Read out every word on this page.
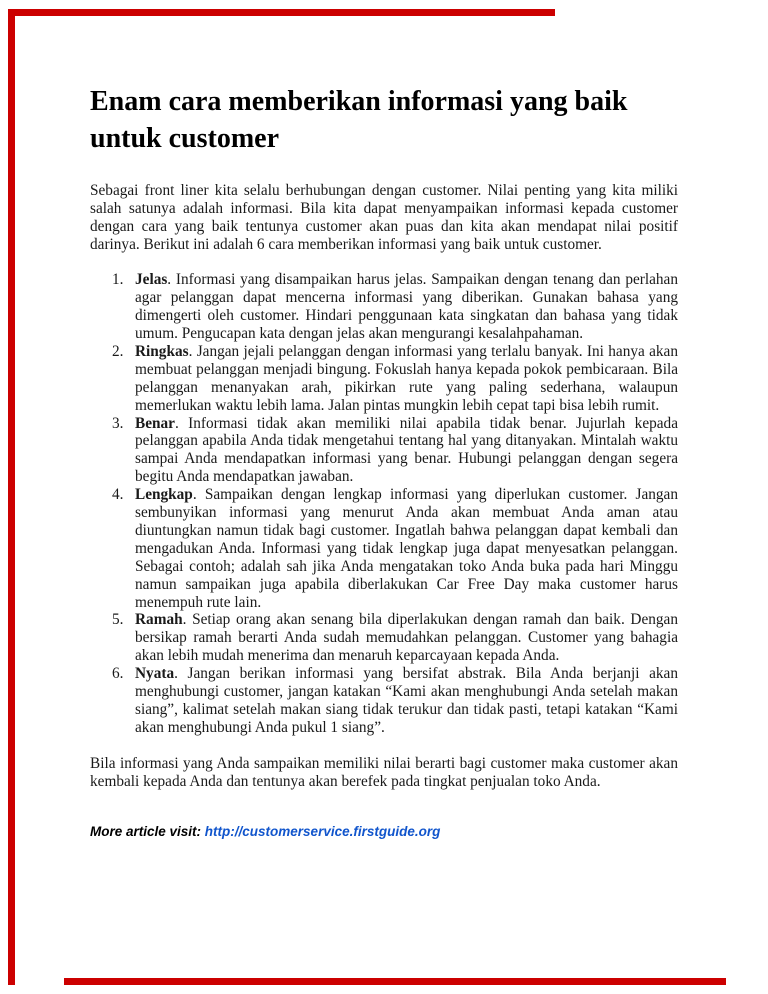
Enam cara memberikan informasi yang baik untuk customer

Sebagai front liner kita selalu berhubungan dengan customer. Nilai penting yang kita miliki salah satunya adalah informasi. Bila kita dapat menyampaikan informasi kepada customer dengan cara yang baik tentunya customer akan puas dan kita akan mendapat nilai positif darinya. Berikut ini adalah 6 cara memberikan informasi yang baik untuk customer.

1. Jelas. Informasi yang disampaikan harus jelas. Sampaikan dengan tenang dan perlahan agar pelanggan dapat mencerna informasi yang diberikan. Gunakan bahasa yang dimengerti oleh customer. Hindari penggunaan kata singkatan dan bahasa yang tidak umum. Pengucapan kata dengan jelas akan mengurangi kesalahpahaman.
2. Ringkas. Jangan jejali pelanggan dengan informasi yang terlalu banyak. Ini hanya akan membuat pelanggan menjadi bingung. Fokuslah hanya kepada pokok pembicaraan. Bila pelanggan menanyakan arah, pikirkan rute yang paling sederhana, walaupun memerlukan waktu lebih lama. Jalan pintas mungkin lebih cepat tapi bisa lebih rumit.
3. Benar. Informasi tidak akan memiliki nilai apabila tidak benar. Jujurlah kepada pelanggan apabila Anda tidak mengetahui tentang hal yang ditanyakan. Mintalah waktu sampai Anda mendapatkan informasi yang benar. Hubungi pelanggan dengan segera begitu Anda mendapatkan jawaban.
4. Lengkap. Sampaikan dengan lengkap informasi yang diperlukan customer. Jangan sembunyikan informasi yang menurut Anda akan membuat Anda aman atau diuntungkan namun tidak bagi customer. Ingatlah bahwa pelanggan dapat kembali dan mengadukan Anda. Informasi yang tidak lengkap juga dapat menyesatkan pelanggan. Sebagai contoh; adalah sah jika Anda mengatakan toko Anda buka pada hari Minggu namun sampaikan juga apabila diberlakukan Car Free Day maka customer harus menempuh rute lain.
5. Ramah. Setiap orang akan senang bila diperlakukan dengan ramah dan baik. Dengan bersikap ramah berarti Anda sudah memudahkan pelanggan. Customer yang bahagia akan lebih mudah menerima dan menaruh keparcayaan kepada Anda.
6. Nyata. Jangan berikan informasi yang bersifat abstrak. Bila Anda berjanji akan menghubungi customer, jangan katakan “Kami akan menghubungi Anda setelah makan siang”, kalimat setelah makan siang tidak terukur dan tidak pasti, tetapi katakan “Kami akan menghubungi Anda pukul 1 siang”.

Bila informasi yang Anda sampaikan memiliki nilai berarti bagi customer maka customer akan kembali kepada Anda dan tentunya akan berefek pada tingkat penjualan toko Anda.

More article visit: http://customerservice.firstguide.org
